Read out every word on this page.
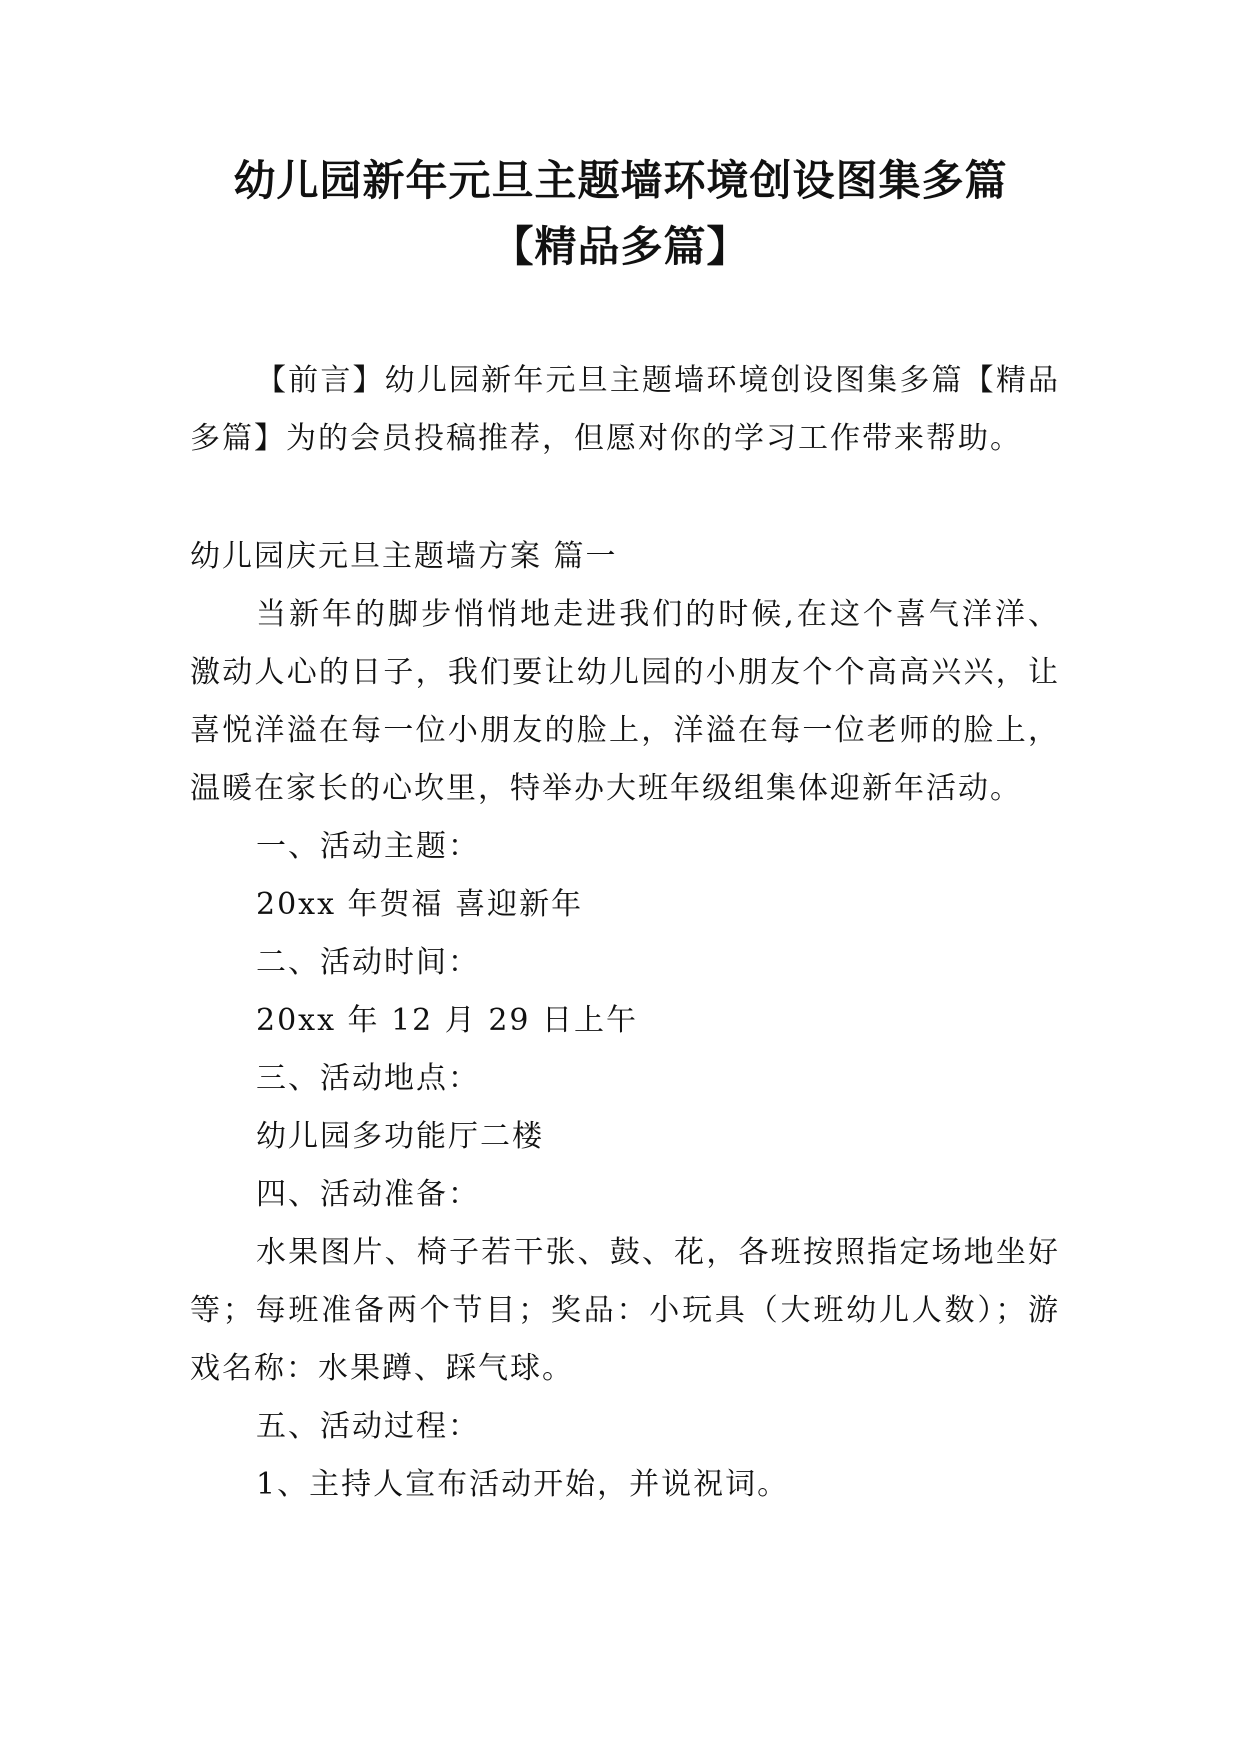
幼儿园新年元旦主题墙环境创设图集多篇
【精品多篇】

【前言】幼儿园新年元旦主题墙环境创设图集多篇【精品多篇】为的会员投稿推荐，但愿对你的学习工作带来帮助。

幼儿园庆元旦主题墙方案 篇一

当新年的脚步悄悄地走进我们的时候,在这个喜气洋洋、激动人心的日子，我们要让幼儿园的小朋友个个高高兴兴，让喜悦洋溢在每一位小朋友的脸上，洋溢在每一位老师的脸上，温暖在家长的心坎里，特举办大班年级组集体迎新年活动。

一、活动主题：

20xx 年贺福 喜迎新年

二、活动时间：

20xx 年 12 月 29 日上午

三、活动地点：

幼儿园多功能厅二楼

四、活动准备：

水果图片、椅子若干张、鼓、花，各班按照指定场地坐好等；每班准备两个节目；奖品：小玩具（大班幼儿人数）；游戏名称：水果蹲、踩气球。

五、活动过程：

1、主持人宣布活动开始，并说祝词。
